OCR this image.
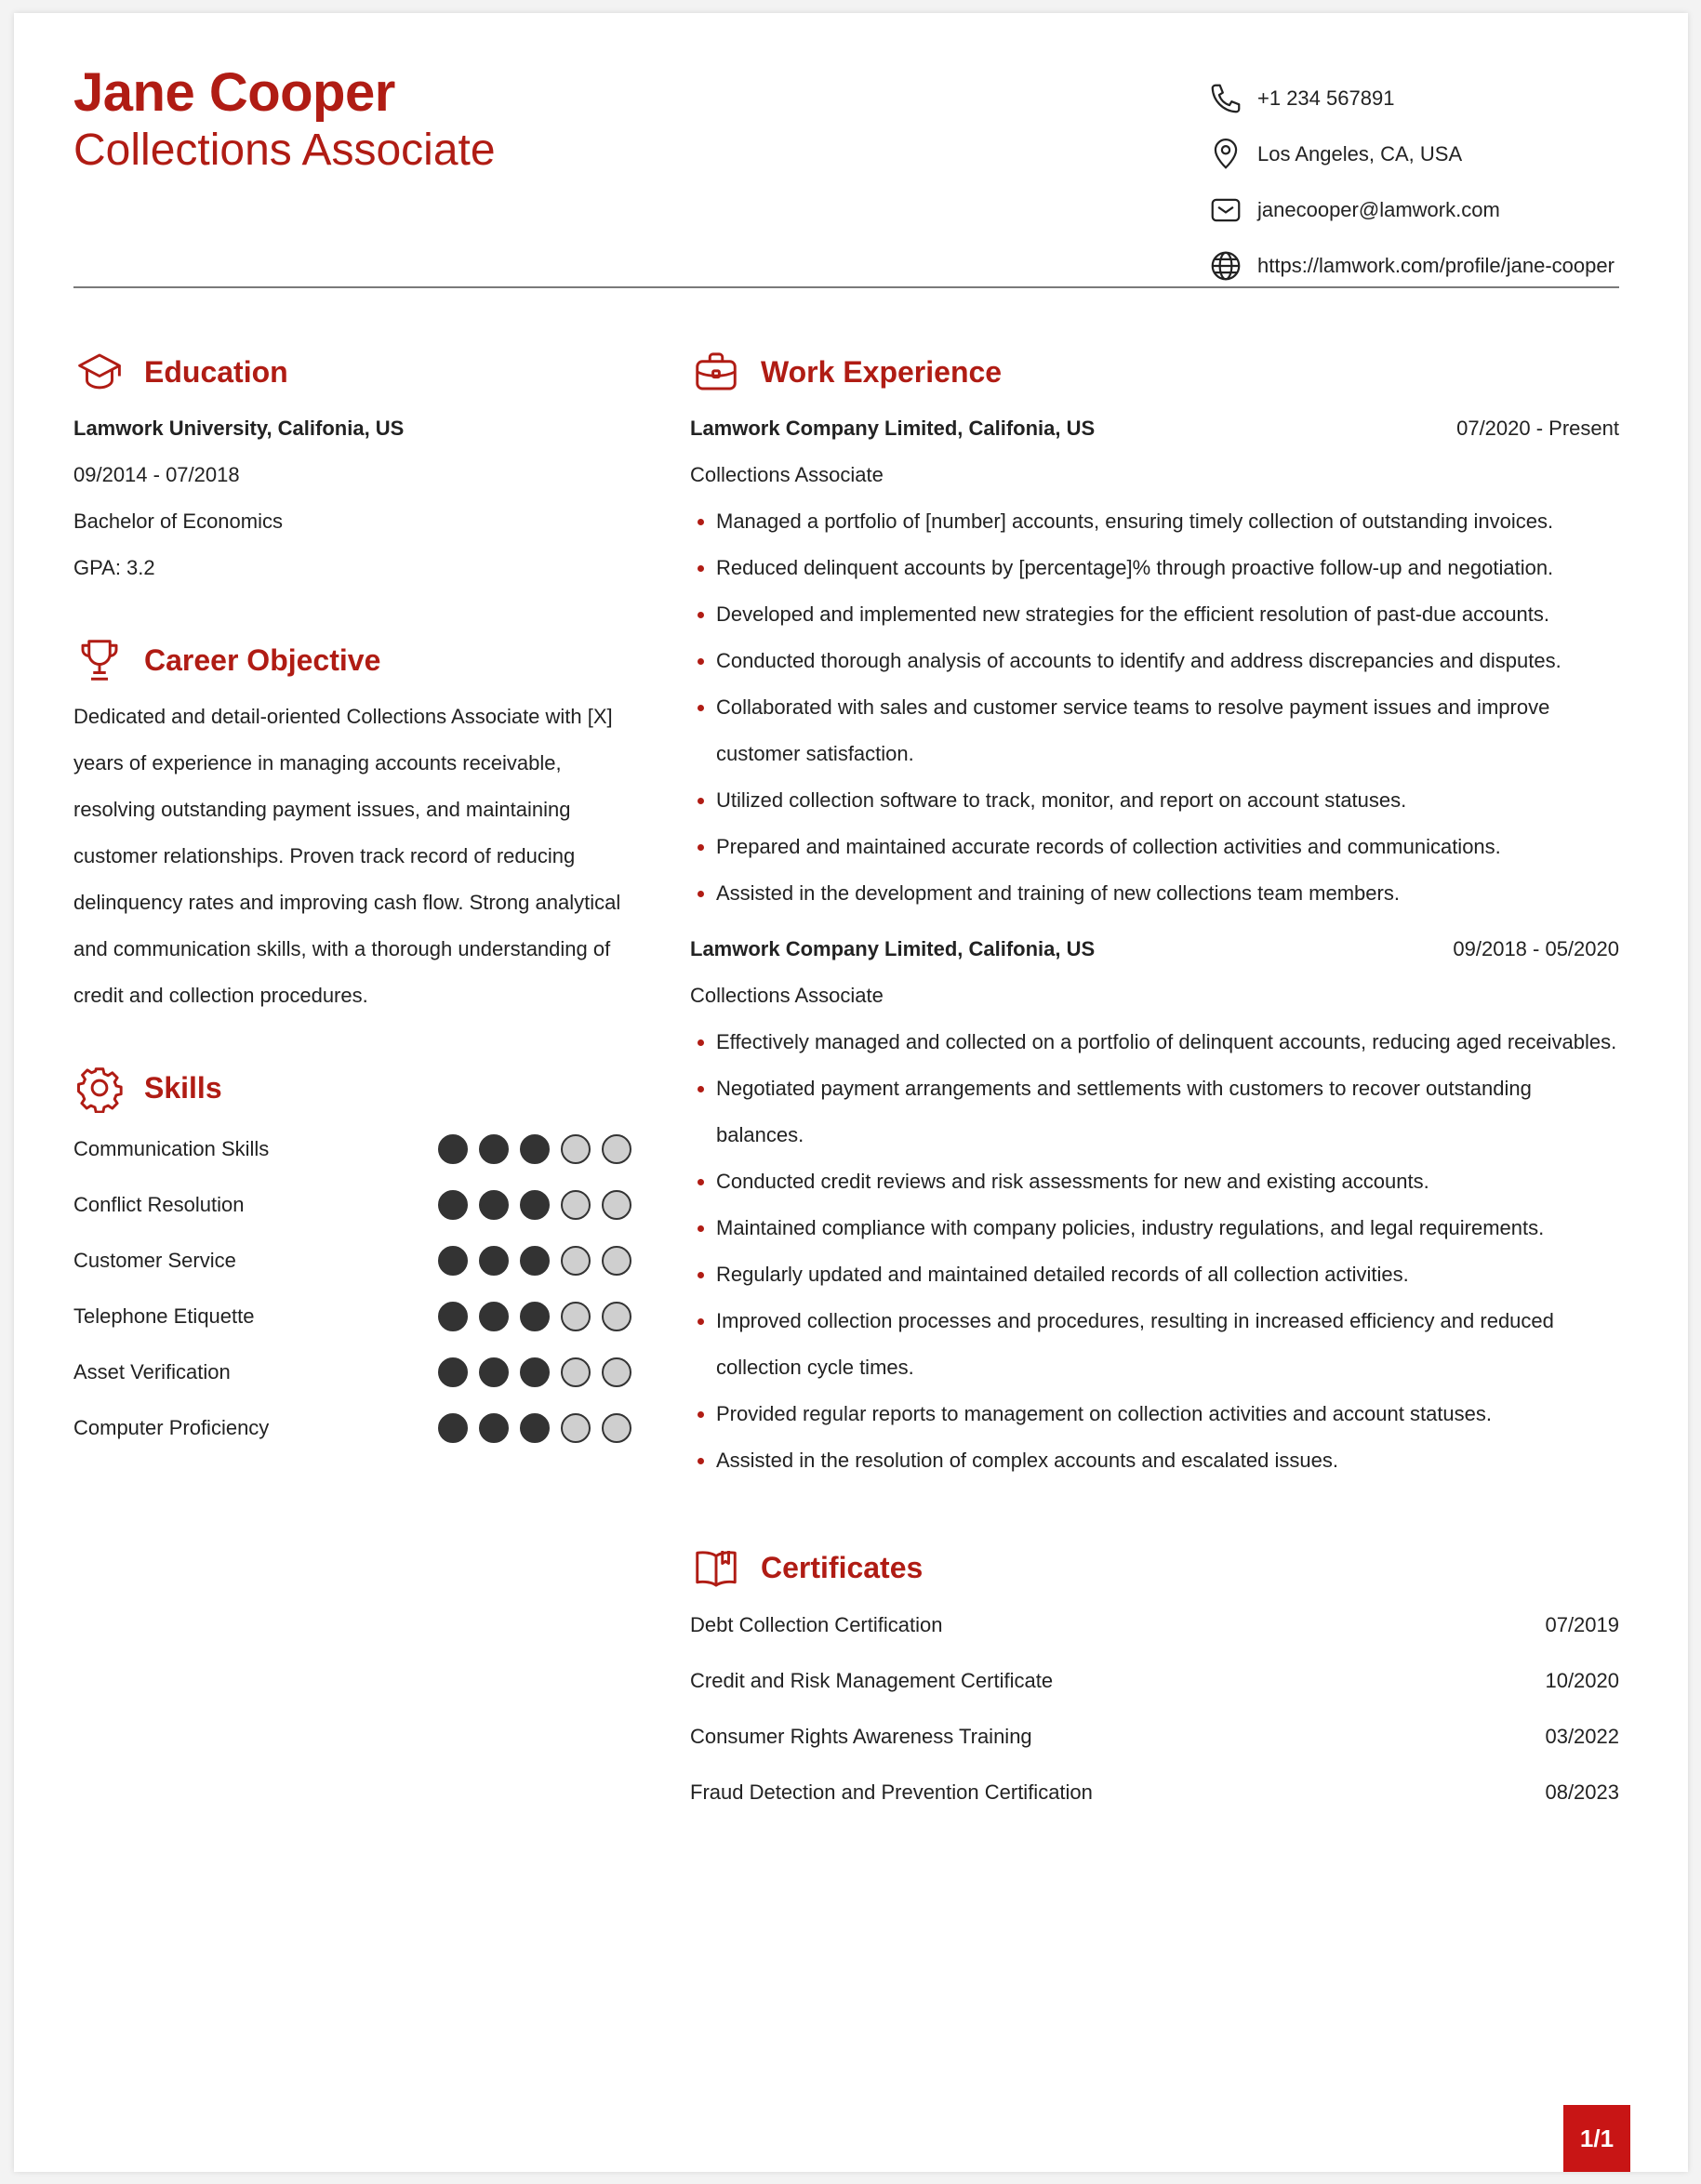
Jane Cooper
Collections Associate
+1 234 567891
Los Angeles, CA, USA
janecooper@lamwork.com
https://lamwork.com/profile/jane-cooper
Education
Lamwork University, Califonia, US
09/2014 - 07/2018
Bachelor of Economics
GPA: 3.2
Career Objective
Dedicated and detail-oriented Collections Associate with [X]
years of experience in managing accounts receivable,
resolving outstanding payment issues, and maintaining
customer relationships. Proven track record of reducing
delinquency rates and improving cash flow. Strong analytical
and communication skills, with a thorough understanding of
credit and collection procedures.
Skills
Communication Skills
Conflict Resolution
Customer Service
Telephone Etiquette
Asset Verification
Computer Proficiency
Work Experience
Lamwork Company Limited, Califonia, US	07/2020 - Present
Collections Associate
Managed a portfolio of [number] accounts, ensuring timely collection of outstanding invoices.
Reduced delinquent accounts by [percentage]% through proactive follow-up and negotiation.
Developed and implemented new strategies for the efficient resolution of past-due accounts.
Conducted thorough analysis of accounts to identify and address discrepancies and disputes.
Collaborated with sales and customer service teams to resolve payment issues and improve customer satisfaction.
Utilized collection software to track, monitor, and report on account statuses.
Prepared and maintained accurate records of collection activities and communications.
Assisted in the development and training of new collections team members.
Lamwork Company Limited, Califonia, US	09/2018 - 05/2020
Collections Associate
Effectively managed and collected on a portfolio of delinquent accounts, reducing aged receivables.
Negotiated payment arrangements and settlements with customers to recover outstanding balances.
Conducted credit reviews and risk assessments for new and existing accounts.
Maintained compliance with company policies, industry regulations, and legal requirements.
Regularly updated and maintained detailed records of all collection activities.
Improved collection processes and procedures, resulting in increased efficiency and reduced collection cycle times.
Provided regular reports to management on collection activities and account statuses.
Assisted in the resolution of complex accounts and escalated issues.
Certificates
Debt Collection Certification	07/2019
Credit and Risk Management Certificate	10/2020
Consumer Rights Awareness Training	03/2022
Fraud Detection and Prevention Certification	08/2023
1/1
